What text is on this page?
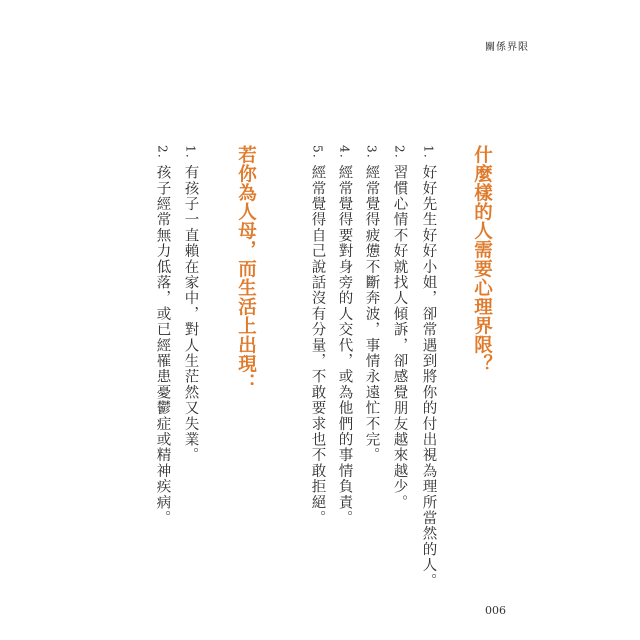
關係界限
什麼樣的人需要心理界限？
1.好好先生好好小姐，卻常遇到將你的付出視為理所當然的人。
2.習慣心情不好就找人傾訴，卻感覺朋友越來越少。
3.經常覺得疲憊不斷奔波，事情永遠忙不完。
4.經常覺得要對身旁的人交代，或為他們的事情負責。
5.經常覺得自己說話沒有分量，不敢要求也不敢拒絕。
若你為人母，而生活上出現：
1.有孩子一直賴在家中，對人生茫然又失業。
2.孩子經常無力低落，或已經罹患憂鬱症或精神疾病。
006
